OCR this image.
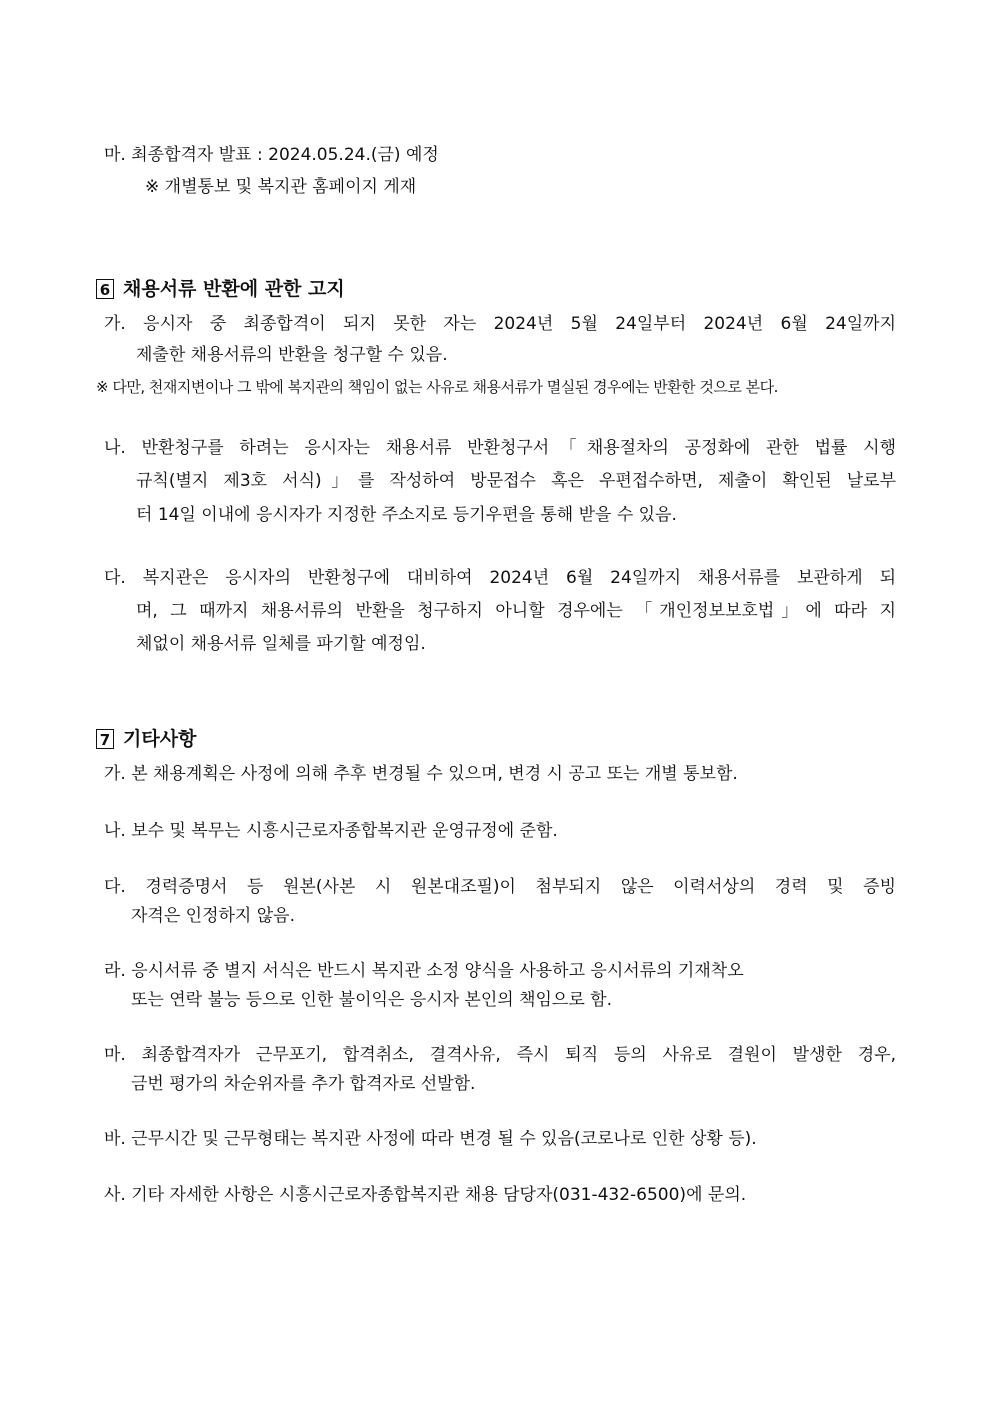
마. 최종합격자 발표 : 2024.05.24.(금) 예정
※ 개별통보 및 복지관 홈페이지 게재
6 채용서류 반환에 관한 고지
가. 응시자 중 최종합격이 되지 못한 자는 2024년 5월 24일부터 2024년 6월 24일까지
제출한 채용서류의 반환을 청구할 수 있음.
※ 다만, 천재지변이나 그 밖에 복지관의 책임이 없는 사유로 채용서류가 멸실된 경우에는 반환한 것으로 본다.
나. 반환청구를 하려는 응시자는 채용서류 반환청구서「채용절차의 공정화에 관한 법률 시행
규칙(별지 제3호 서식)」를 작성하여 방문접수 혹은 우편접수하면, 제출이 확인된 날로부
터 14일 이내에 응시자가 지정한 주소지로 등기우편을 통해 받을 수 있음.
다. 복지관은 응시자의 반환청구에 대비하여 2024년 6월 24일까지 채용서류를 보관하게 되
며, 그 때까지 채용서류의 반환을 청구하지 아니할 경우에는 「개인정보보호법」에 따라 지
체없이 채용서류 일체를 파기할 예정임.
7 기타사항
가. 본 채용계획은 사정에 의해 추후 변경될 수 있으며, 변경 시 공고 또는 개별 통보함.
나. 보수 및 복무는 시흥시근로자종합복지관 운영규정에 준함.
다. 경력증명서 등 원본(사본 시 원본대조필)이 첨부되지 않은 이력서상의 경력 및 증빙
자격은 인정하지 않음.
라. 응시서류 중 별지 서식은 반드시 복지관 소정 양식을 사용하고 응시서류의 기재착오
또는 연락 불능 등으로 인한 불이익은 응시자 본인의 책임으로 함.
마. 최종합격자가 근무포기, 합격취소, 결격사유, 즉시 퇴직 등의 사유로 결원이 발생한 경우,
금번 평가의 차순위자를 추가 합격자로 선발함.
바. 근무시간 및 근무형태는 복지관 사정에 따라 변경 될 수 있음(코로나로 인한 상황 등).
사. 기타 자세한 사항은 시흥시근로자종합복지관 채용 담당자(031-432-6500)에 문의.
